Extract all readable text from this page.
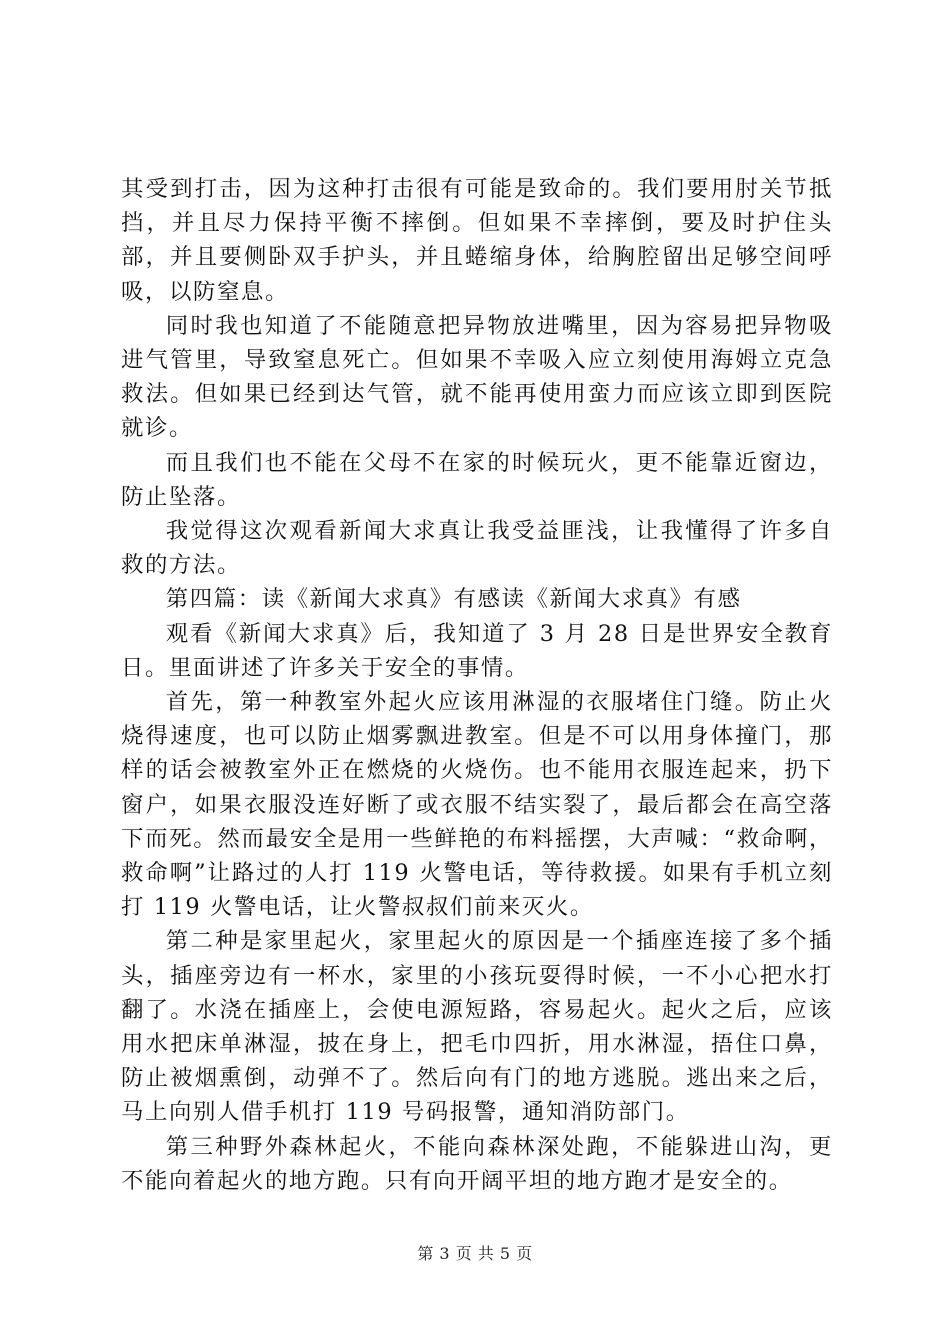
其受到打击，因为这种打击很有可能是致命的。我们要用肘关节抵挡，并且尽力保持平衡不摔倒。但如果不幸摔倒，要及时护住头部，并且要侧卧双手护头，并且蜷缩身体，给胸腔留出足够空间呼吸，以防窒息。

同时我也知道了不能随意把异物放进嘴里，因为容易把异物吸进气管里，导致窒息死亡。但如果不幸吸入应立刻使用海姆立克急救法。但如果已经到达气管，就不能再使用蛮力而应该立即到医院就诊。

而且我们也不能在父母不在家的时候玩火，更不能靠近窗边，防止坠落。

我觉得这次观看新闻大求真让我受益匪浅，让我懂得了许多自救的方法。

第四篇：读《新闻大求真》有感读《新闻大求真》有感

观看《新闻大求真》后，我知道了 3 月 28 日是世界安全教育日。里面讲述了许多关于安全的事情。

首先，第一种教室外起火应该用淋湿的衣服堵住门缝。防止火烧得速度，也可以防止烟雾飘进教室。但是不可以用身体撞门，那样的话会被教室外正在燃烧的火烧伤。也不能用衣服连起来，扔下窗户，如果衣服没连好断了或衣服不结实裂了，最后都会在高空落下而死。然而最安全是用一些鲜艳的布料摇摆，大声喊：“救命啊，救命啊”让路过的人打 119 火警电话，等待救援。如果有手机立刻打 119 火警电话，让火警叔叔们前来灭火。

第二种是家里起火，家里起火的原因是一个插座连接了多个插头，插座旁边有一杯水，家里的小孩玩耍得时候，一不小心把水打翻了。水浇在插座上，会使电源短路，容易起火。起火之后，应该用水把床单淋湿，披在身上，把毛巾四折，用水淋湿，捂住口鼻，防止被烟熏倒，动弹不了。然后向有门的地方逃脱。逃出来之后，马上向别人借手机打 119 号码报警，通知消防部门。

第三种野外森林起火，不能向森林深处跑，不能躲进山沟，更不能向着起火的地方跑。只有向开阔平坦的地方跑才是安全的。

第 3 页 共 5 页
